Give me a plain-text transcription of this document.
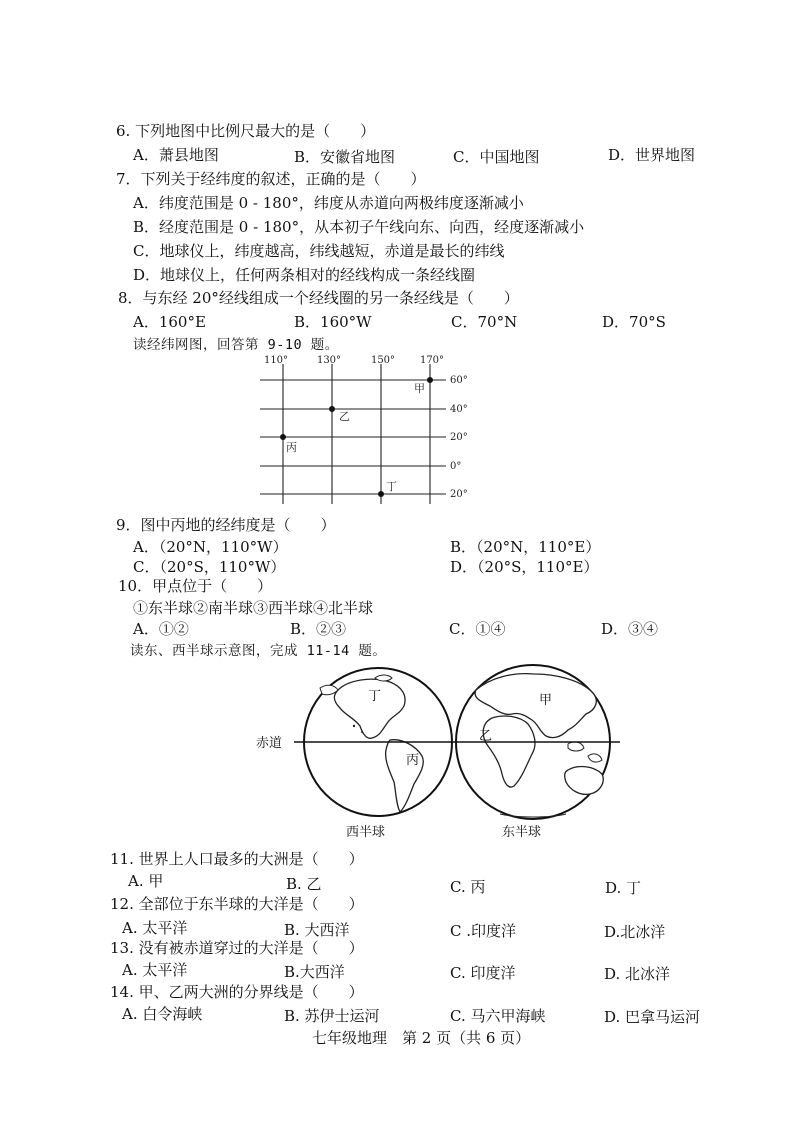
6. 下列地图中比例尺最大的是（　　）
A．萧县地图	B．安徽省地图	C．中国地图	D．世界地图
7．下列关于经纬度的叙述，正确的是（　　）
A．纬度范围是 0 - 180°，纬度从赤道向两极纬度逐渐减小
B．经度范围是 0 - 180°，从本初子午线向东、向西，经度逐渐减小
C．地球仪上，纬度越高，纬线越短，赤道是最长的纬线
D．地球仪上，任何两条相对的经线构成一条经线圈
8．与东经 20°经线组成一个经线圈的另一条经线是（　　）
A．160°E	B．160°W	C．70°N	D．70°S
读经纬网图，回答第 9-10 题。
110°	130°	150° 170°
60°
40°
20°
0°
20°
甲
乙
丙
丁
9．图中丙地的经纬度是（　　）
A．（20°N，110°W）	B．（20°N，110°E）
C．（20°S，110°W）	D．（20°S，110°E）
10．甲点位于（　　）
①东半球②南半球③西半球④北半球
A．①②	B．②③	C．①④	D．③④
读东、西半球示意图，完成 11-14 题。
赤道
丁
丙
甲
乙
西半球	东半球
11. 世界上人口最多的大洲是（　　）
A. 甲	B. 乙	C. 丙	D. 丁
12. 全部位于东半球的大洋是（　　）
A. 太平洋	B. 大西洋	C .印度洋	D.北冰洋
13. 没有被赤道穿过的大洋是（　　）
A. 太平洋	B.大西洋	C. 印度洋	D. 北冰洋
14. 甲、乙两大洲的分界线是（　　）
A. 白令海峡	B. 苏伊士运河	C. 马六甲海峡	D. 巴拿马运河
七年级地理　第 2 页（共 6 页）
